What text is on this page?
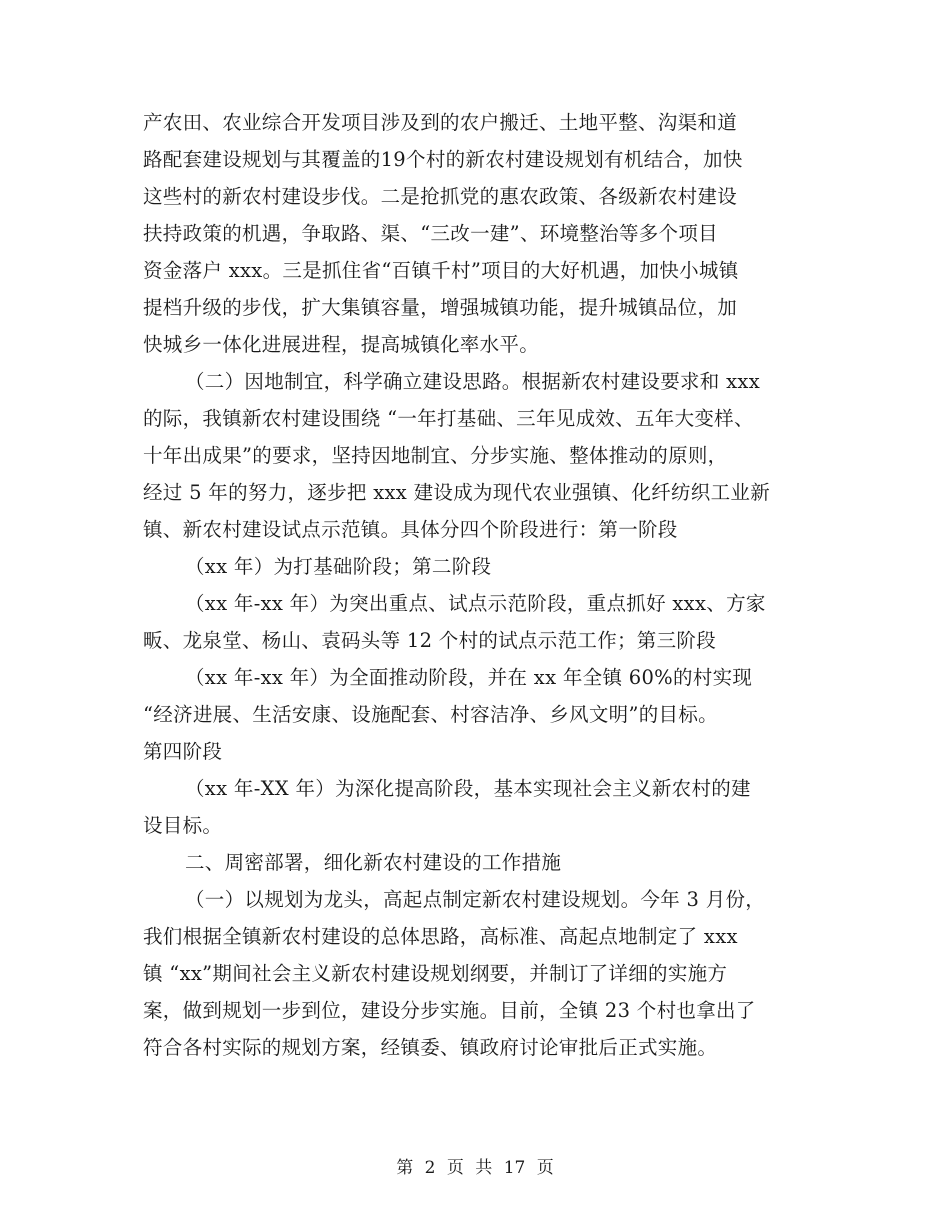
产农田、农业综合开发项目涉及到的农户搬迁、土地平整、沟渠和道
路配套建设规划与其覆盖的19个村的新农村建设规划有机结合，加快
这些村的新农村建设步伐。二是抢抓党的惠农政策、各级新农村建设
扶持政策的机遇，争取路、渠、“三改一建”、环境整治等多个项目
资金落户 xxx。三是抓住省“百镇千村”项目的大好机遇，加快小城镇
提档升级的步伐，扩大集镇容量，增强城镇功能，提升城镇品位，加
快城乡一体化进展进程，提高城镇化率水平。
（二）因地制宜，科学确立建设思路。根据新农村建设要求和 xxx
的际，我镇新农村建设围绕 “一年打基础、三年见成效、五年大变样、
十年出成果”的要求，坚持因地制宜、分步实施、整体推动的原则，
经过 5 年的努力，逐步把 xxx 建设成为现代农业强镇、化纤纺织工业新
镇、新农村建设试点示范镇。具体分四个阶段进行：第一阶段
（xx 年）为打基础阶段；第二阶段
（xx 年-xx 年）为突出重点、试点示范阶段，重点抓好 xxx、方家
畈、龙泉堂、杨山、袁码头等 12 个村的试点示范工作；第三阶段
（xx 年-xx 年）为全面推动阶段，并在 xx 年全镇 60%的村实现
“经济进展、生活安康、设施配套、村容洁净、乡风文明”的目标。
第四阶段
（xx 年-XX 年）为深化提高阶段，基本实现社会主义新农村的建
设目标。
二、周密部署，细化新农村建设的工作措施
（一）以规划为龙头，高起点制定新农村建设规划。今年 3 月份，
我们根据全镇新农村建设的总体思路，高标准、高起点地制定了 xxx
镇 “xx”期间社会主义新农村建设规划纲要，并制订了详细的实施方
案，做到规划一步到位，建设分步实施。目前，全镇 23 个村也拿出了
符合各村实际的规划方案，经镇委、镇政府讨论审批后正式实施。
第 2 页 共 17 页
